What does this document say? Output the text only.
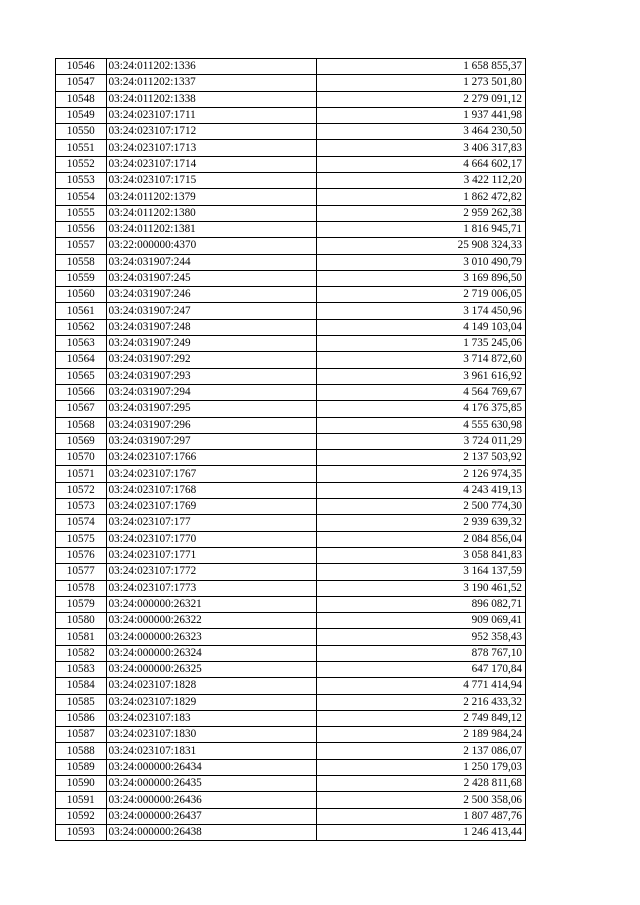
10546	03:24:011202:1336	1 658 855,37
10547	03:24:011202:1337	1 273 501,80
10548	03:24:011202:1338	2 279 091,12
10549	03:24:023107:1711	1 937 441,98
10550	03:24:023107:1712	3 464 230,50
10551	03:24:023107:1713	3 406 317,83
10552	03:24:023107:1714	4 664 602,17
10553	03:24:023107:1715	3 422 112,20
10554	03:24:011202:1379	1 862 472,82
10555	03:24:011202:1380	2 959 262,38
10556	03:24:011202:1381	1 816 945,71
10557	03:22:000000:4370	25 908 324,33
10558	03:24:031907:244	3 010 490,79
10559	03:24:031907:245	3 169 896,50
10560	03:24:031907:246	2 719 006,05
10561	03:24:031907:247	3 174 450,96
10562	03:24:031907:248	4 149 103,04
10563	03:24:031907:249	1 735 245,06
10564	03:24:031907:292	3 714 872,60
10565	03:24:031907:293	3 961 616,92
10566	03:24:031907:294	4 564 769,67
10567	03:24:031907:295	4 176 375,85
10568	03:24:031907:296	4 555 630,98
10569	03:24:031907:297	3 724 011,29
10570	03:24:023107:1766	2 137 503,92
10571	03:24:023107:1767	2 126 974,35
10572	03:24:023107:1768	4 243 419,13
10573	03:24:023107:1769	2 500 774,30
10574	03:24:023107:177	2 939 639,32
10575	03:24:023107:1770	2 084 856,04
10576	03:24:023107:1771	3 058 841,83
10577	03:24:023107:1772	3 164 137,59
10578	03:24:023107:1773	3 190 461,52
10579	03:24:000000:26321	896 082,71
10580	03:24:000000:26322	909 069,41
10581	03:24:000000:26323	952 358,43
10582	03:24:000000:26324	878 767,10
10583	03:24:000000:26325	647 170,84
10584	03:24:023107:1828	4 771 414,94
10585	03:24:023107:1829	2 216 433,32
10586	03:24:023107:183	2 749 849,12
10587	03:24:023107:1830	2 189 984,24
10588	03:24:023107:1831	2 137 086,07
10589	03:24:000000:26434	1 250 179,03
10590	03:24:000000:26435	2 428 811,68
10591	03:24:000000:26436	2 500 358,06
10592	03:24:000000:26437	1 807 487,76
10593	03:24:000000:26438	1 246 413,44
